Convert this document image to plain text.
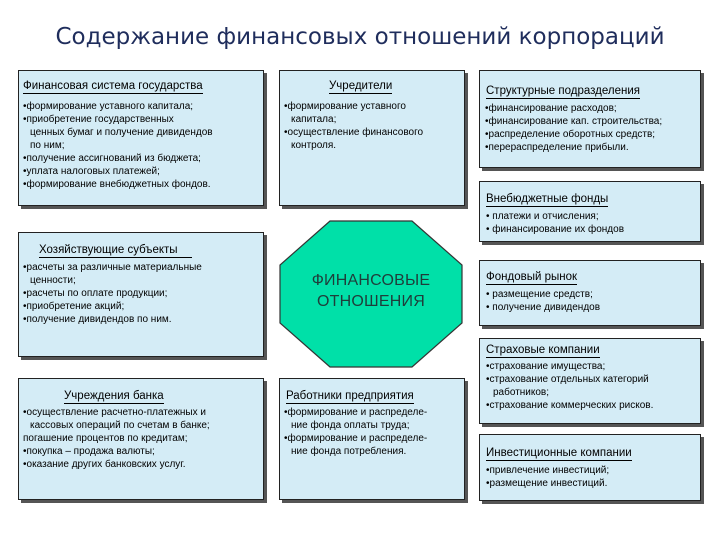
Содержание финансовых отношений корпораций
Финансовая система государства
•формирование уставного капитала;
•приобретение государственных
ценных бумаг и получение дивидендов
по ним;
•получение ассигнований из бюджета;
•уплата налоговых платежей;
•формирование внебюджетных фондов.
Учредители
•формирование уставного
капитала;
•осуществление финансового
контроля.
Структурные подразделения
•финансирование расходов;
•финансирование кап. строительства;
•распределение оборотных средств;
•перераспределение прибыли.
Внебюджетные фонды
• платежи и отчисления;
• финансирование их фондов
Хозяйствующие субъекты
•расчеты за различные материальные
ценности;
•расчеты по оплате продукции;
•приобретение акций;
•получение дивидендов по ним.
Фондовый рынок
• размещение средств;
• получение дивидендов
Страховые компании
•страхование имущества;
•страхование отдельных категорий
работников;
•страхование коммерческих рисков.
Учреждения банка
•осуществление расчетно-платежных и
кассовых операций по счетам в банке;
погашение процентов по кредитам;
•покупка – продажа валюты;
•оказание других банковских услуг.
Работники предприятия
•формирование и распределе-
ние фонда оплаты труда;
•формирование и распределе-
ние фонда потребления.	Инвестиционные компании
•привлечение инвестиций;
•размещение инвестиций.
ФИНАНСОВЫЕ
ОТНОШЕНИЯ
